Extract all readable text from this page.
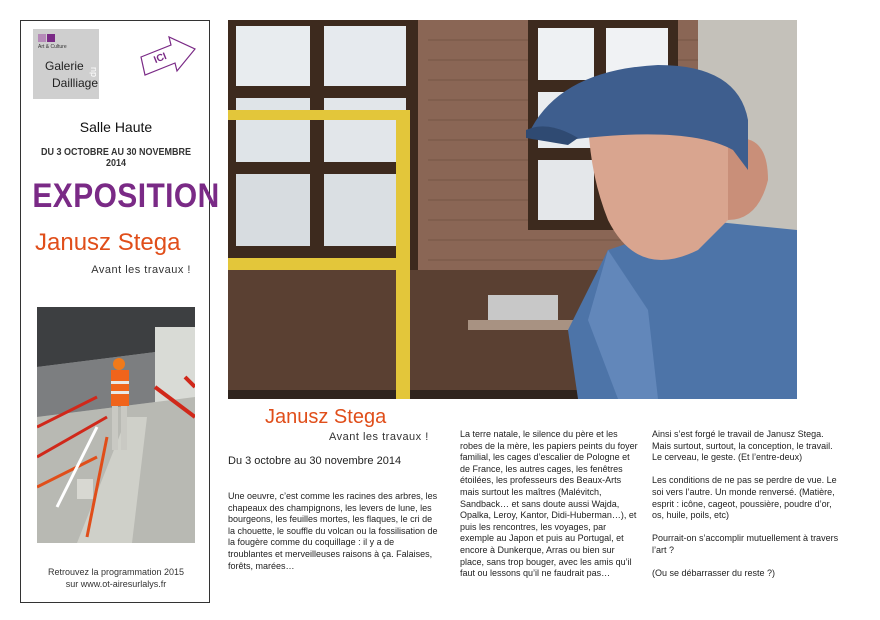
Art & Culture
Galerie du
Dailliage
ICI
Salle Haute
DU 3 OCTOBRE AU 30 NOVEMBRE 2014
EXPOSITION
Janusz Stega
Avant les travaux !
Retrouvez la programmation 2015
sur www.ot-airesurlalys.fr
Janusz Stega
Avant les travaux !
Du 3 octobre au 30 novembre 2014

Une oeuvre, c’est comme les racines des arbres, les chapeaux des champignons, les levers de lune, les bourgeons, les feuilles mortes, les flaques, le cri de la chouette, le souffle du volcan ou la fossilisation de la fougère comme du coquillage : il y a de troublantes et merveilleuses raisons à ça. Falaises, forêts, marées…

La terre natale, le silence du père et les robes de la mère, les papiers peints du foyer familial, les cages d’escalier de Pologne et de France, les autres cages, les fenêtres étoilées, les professeurs des Beaux-Arts mais surtout les maîtres (Malévitch, Sandback… et sans doute aussi Wajda, Opalka, Leroy, Kantor, Didi-Huberman…), et puis les rencontres, les voyages, par exemple au Japon et puis au Portugal, et encore à Dunkerque, Arras ou bien sur place, sans trop bouger, avec les amis qu’il faut ou lessons qu’il ne faudrait pas…

Ainsi s’est forgé le travail de Janusz Stega. Mais surtout, surtout, la conception, le travail. Le cerveau, le geste. (Et l’entre-deux)

Les conditions de ne pas se perdre de vue. Le soi vers l’autre. Un monde renversé. (Matière, esprit : icône, cageot, poussière, poudre d’or, os, huile, poils, etc)

Pourrait-on s’accomplir mutuellement à travers l’art ?

(Ou se débarrasser du reste ?)
